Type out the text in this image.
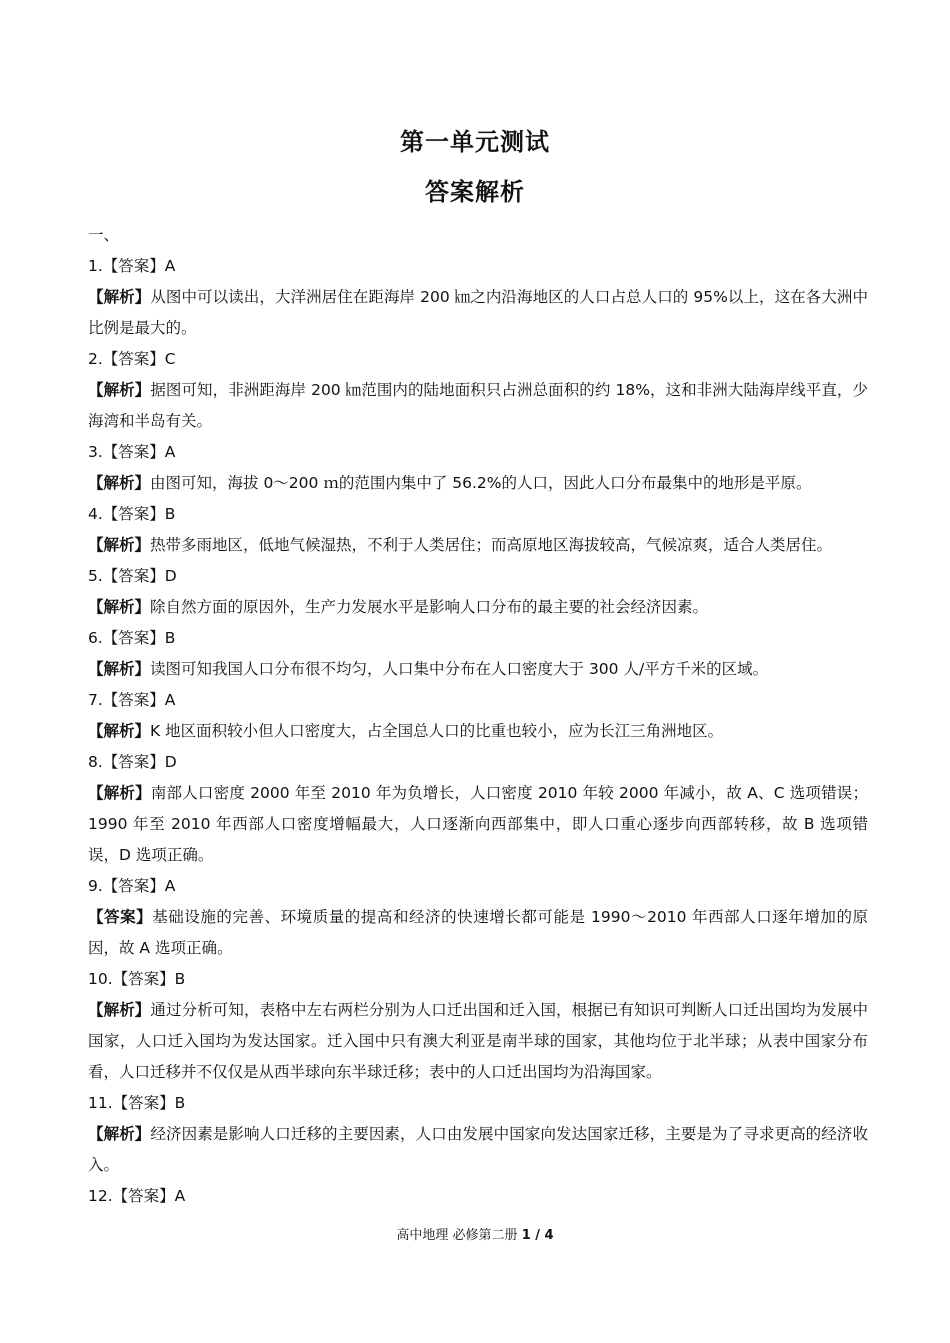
第一单元测试
答案解析
一、
1.【答案】A
【解析】从图中可以读出，大洋洲居住在距海岸 200 ㎞之内沿海地区的人口占总人口的 95%以上，这在各大洲中比例是最大的。
2.【答案】C
【解析】据图可知，非洲距海岸 200 ㎞范围内的陆地面积只占洲总面积的约 18%，这和非洲大陆海岸线平直，少海湾和半岛有关。
3.【答案】A
【解析】由图可知，海拔 0～200 ｍ的范围内集中了 56.2%的人口，因此人口分布最集中的地形是平原。
4.【答案】B
【解析】热带多雨地区，低地气候湿热，不利于人类居住；而高原地区海拔较高，气候凉爽，适合人类居住。
5.【答案】D
【解析】除自然方面的原因外，生产力发展水平是影响人口分布的最主要的社会经济因素。
6.【答案】B
【解析】读图可知我国人口分布很不均匀，人口集中分布在人口密度大于 300 人/平方千米的区域。
7.【答案】A
【解析】K 地区面积较小但人口密度大，占全国总人口的比重也较小，应为长江三角洲地区。
8.【答案】D
【解析】南部人口密度 2000 年至 2010 年为负增长，人口密度 2010 年较 2000 年减小，故 A、C 选项错误；1990 年至 2010 年西部人口密度增幅最大，人口逐渐向西部集中，即人口重心逐步向西部转移，故 B 选项错误，D 选项正确。
9.【答案】A
【答案】基础设施的完善、环境质量的提高和经济的快速增长都可能是 1990～2010 年西部人口逐年增加的原因，故 A 选项正确。
10.【答案】B
【解析】通过分析可知，表格中左右两栏分别为人口迁出国和迁入国，根据已有知识可判断人口迁出国均为发展中国家，人口迁入国均为发达国家。迁入国中只有澳大利亚是南半球的国家，其他均位于北半球；从表中国家分布看，人口迁移并不仅仅是从西半球向东半球迁移；表中的人口迁出国均为沿海国家。
11.【答案】B
【解析】经济因素是影响人口迁移的主要因素，人口由发展中国家向发达国家迁移，主要是为了寻求更高的经济收入。
12.【答案】A
高中地理 必修第二册 1 / 4
